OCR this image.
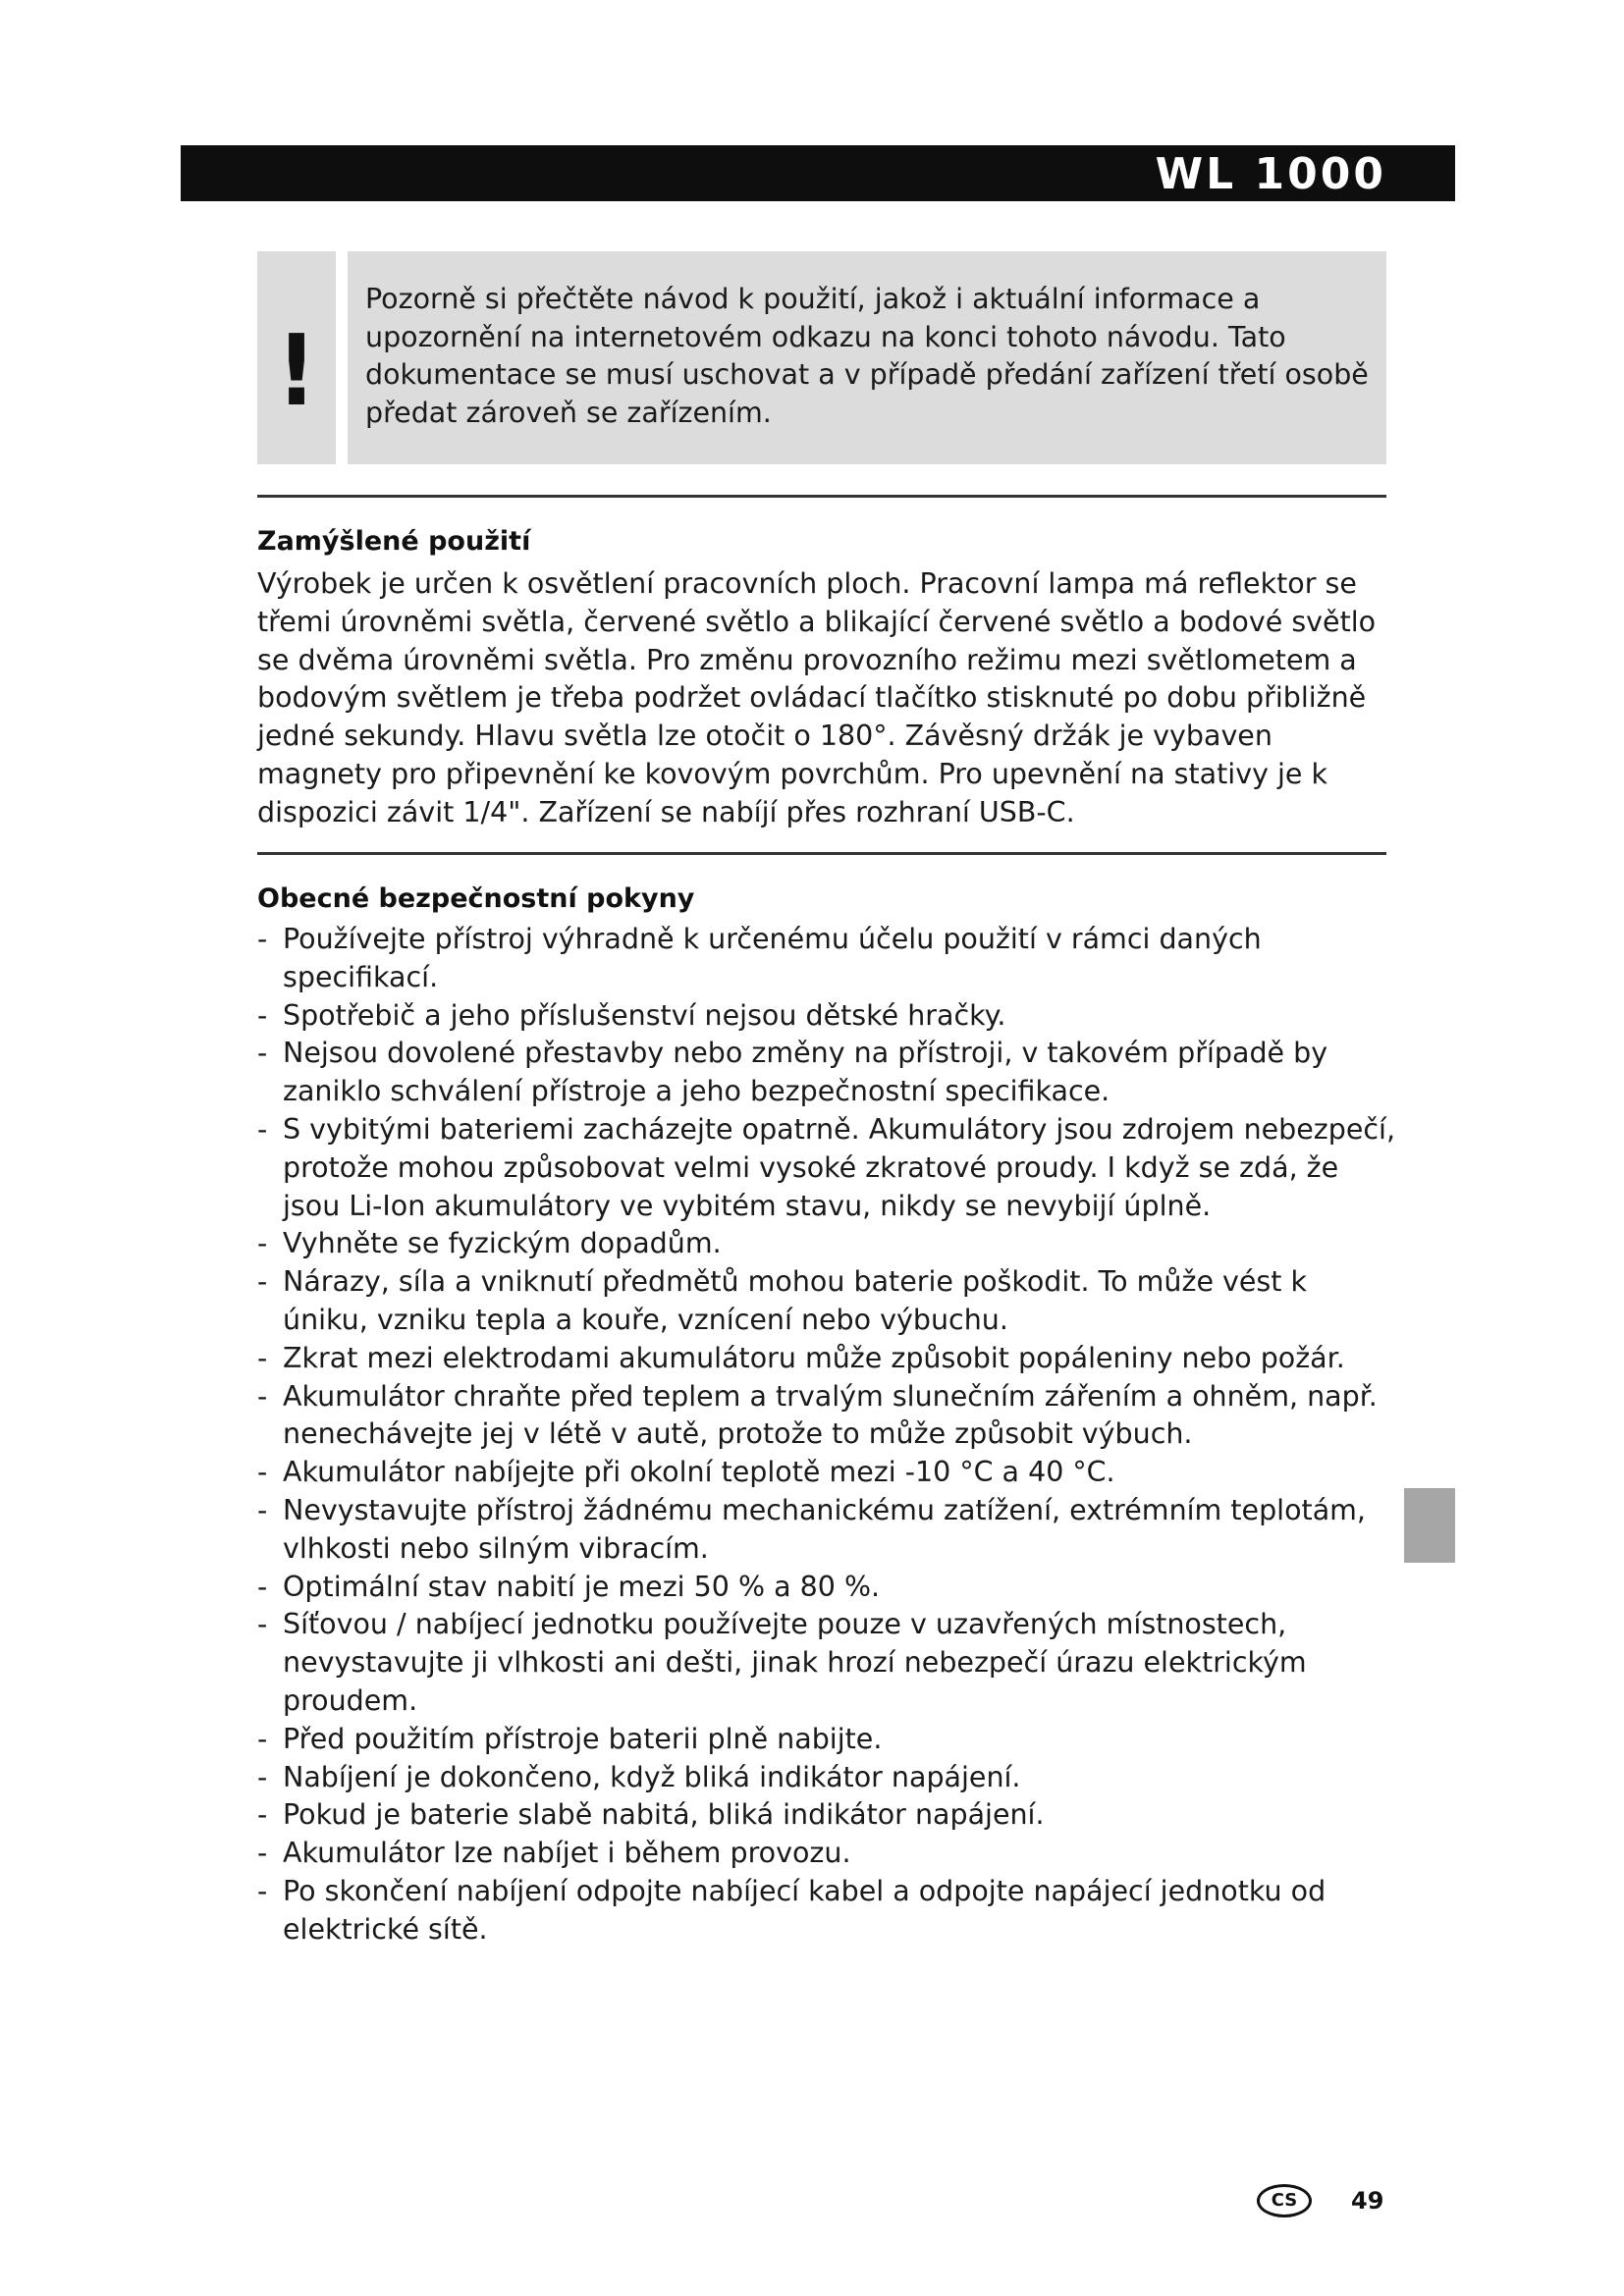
WL 1000
!

Pozorně si přečtěte návod k použití, jakož i aktuální informace a upozornění na internetovém odkazu na konci tohoto návodu. Tato dokumentace se musí uschovat a v případě předání zařízení třetí osobě předat zároveň se zařízením.

Zamýšlené použití

Výrobek je určen k osvětlení pracovních ploch. Pracovní lampa má reflektor se třemi úrovněmi světla, červené světlo a blikající červené světlo a bodové světlo se dvěma úrovněmi světla. Pro změnu provozního režimu mezi světlometem a bodovým světlem je třeba podržet ovládací tlačítko stisknuté po dobu přibližně jedné sekundy. Hlavu světla lze otočit o 180°. Závěsný držák je vybaven magnety pro připevnění ke kovovým povrchům. Pro upevnění na stativy je k dispozici závit 1/4". Zařízení se nabíjí přes rozhraní USB-C.

Obecné bezpečnostní pokyny
- Používejte přístroj výhradně k určenému účelu použití v rámci daných specifikací.
- Spotřebič a jeho příslušenství nejsou dětské hračky.
- Nejsou dovolené přestavby nebo změny na přístroji, v takovém případě by zaniklo schválení přístroje a jeho bezpečnostní specifikace.
- S vybitými bateriemi zacházejte opatrně. Akumulátory jsou zdrojem nebezpečí, protože mohou způsobovat velmi vysoké zkratové proudy. I když se zdá, že jsou Li-Ion akumulátory ve vybitém stavu, nikdy se nevybijí úplně.
- Vyhněte se fyzickým dopadům.
- Nárazy, síla a vniknutí předmětů mohou baterie poškodit. To může vést k úniku, vzniku tepla a kouře, vznícení nebo výbuchu.
- Zkrat mezi elektrodami akumulátoru může způsobit popáleniny nebo požár.
- Akumulátor chraňte před teplem a trvalým slunečním zářením a ohněm, např. nenechávejte jej v létě v autě, protože to může způsobit výbuch.
- Akumulátor nabíjejte při okolní teplotě mezi -10 °C a 40 °C.
- Nevystavujte přístroj žádnému mechanickému zatížení, extrémním teplotám, vlhkosti nebo silným vibracím.
- Optimální stav nabití je mezi 50 % a 80 %.
- Síťovou / nabíjecí jednotku používejte pouze v uzavřených místnostech, nevystavujte ji vlhkosti ani dešti, jinak hrozí nebezpečí úrazu elektrickým proudem.
- Před použitím přístroje baterii plně nabijte.
- Nabíjení je dokončeno, když bliká indikátor napájení.
- Pokud je baterie slabě nabitá, bliká indikátor napájení.
- Akumulátor lze nabíjet i během provozu.
- Po skončení nabíjení odpojte nabíjecí kabel a odpojte napájecí jednotku od elektrické sítě.
CS	49
